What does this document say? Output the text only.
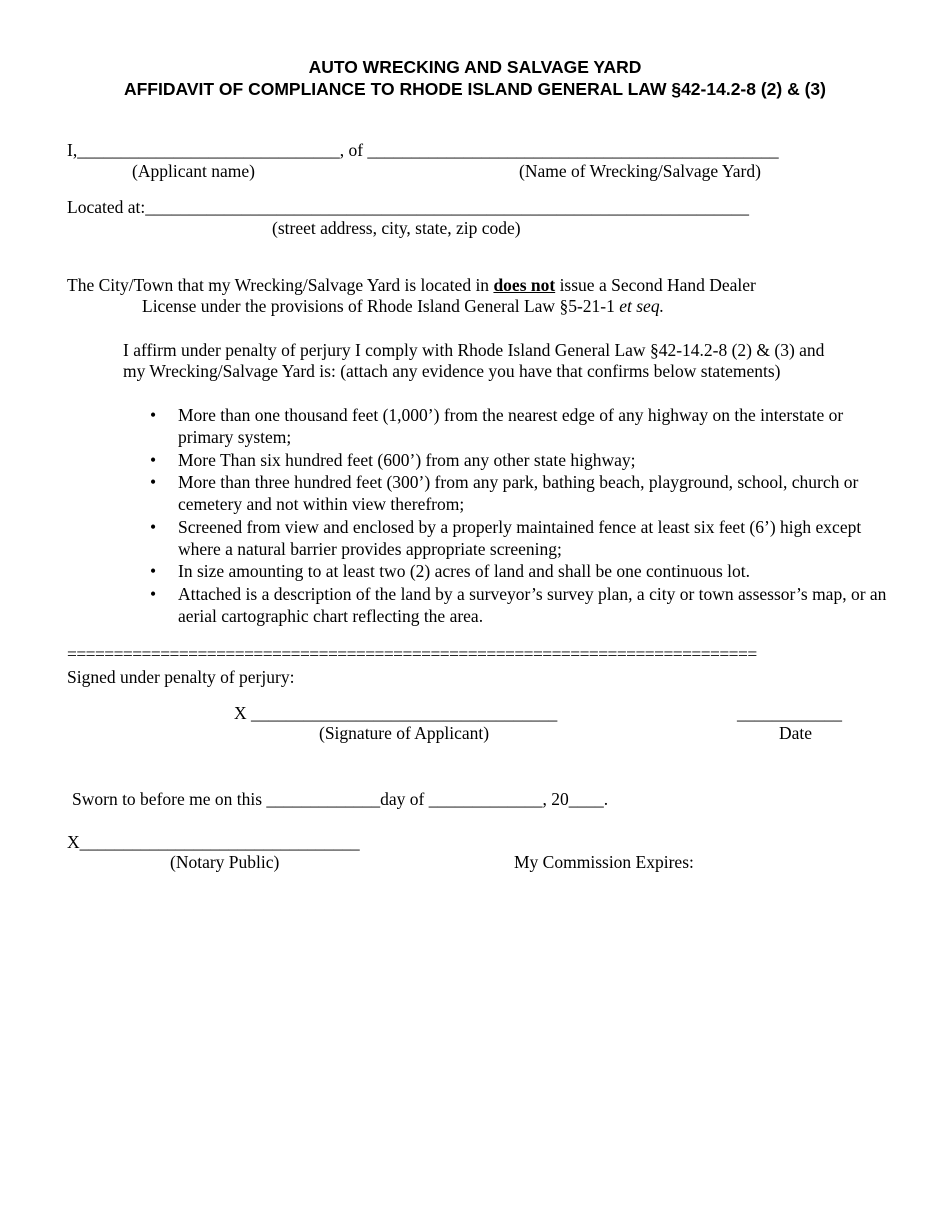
AUTO WRECKING AND SALVAGE YARD
AFFIDAVIT OF COMPLIANCE TO RHODE ISLAND GENERAL LAW §42-14.2-8 (2) & (3)
I,______________________________, of _______________________________________________
(Applicant name)	(Name of Wrecking/Salvage Yard)
Located at:_____________________________________________________________________
(street address, city, state, zip code)
The City/Town that my Wrecking/Salvage Yard is located in does not issue a Second Hand Dealer
License under the provisions of Rhode Island General Law §5-21-1 et seq.
I affirm under penalty of perjury I comply with Rhode Island General Law §42-14.2-8 (2) & (3) and
my Wrecking/Salvage Yard is: (attach any evidence you have that confirms below statements)
• More than one thousand feet (1,000’) from the nearest edge of any highway on the interstate or primary system;
• More Than six hundred feet (600’) from any other state highway;
• More than three hundred feet (300’) from any park, bathing beach, playground, school, church or cemetery and not within view therefrom;
• Screened from view and enclosed by a properly maintained fence at least six feet (6’) high except where a natural barrier provides appropriate screening;
• In size amounting to at least two (2) acres of land and shall be one continuous lot.
• Attached is a description of the land by a surveyor’s survey plan, a city or town assessor’s map, or an aerial cartographic chart reflecting the area.
==========================================================================
Signed under penalty of perjury:
X ___________________________________
(Signature of Applicant)
____________
Date
Sworn to before me on this _____________day of _____________, 20____.
X________________________________
(Notary Public)	My Commission Expires:
